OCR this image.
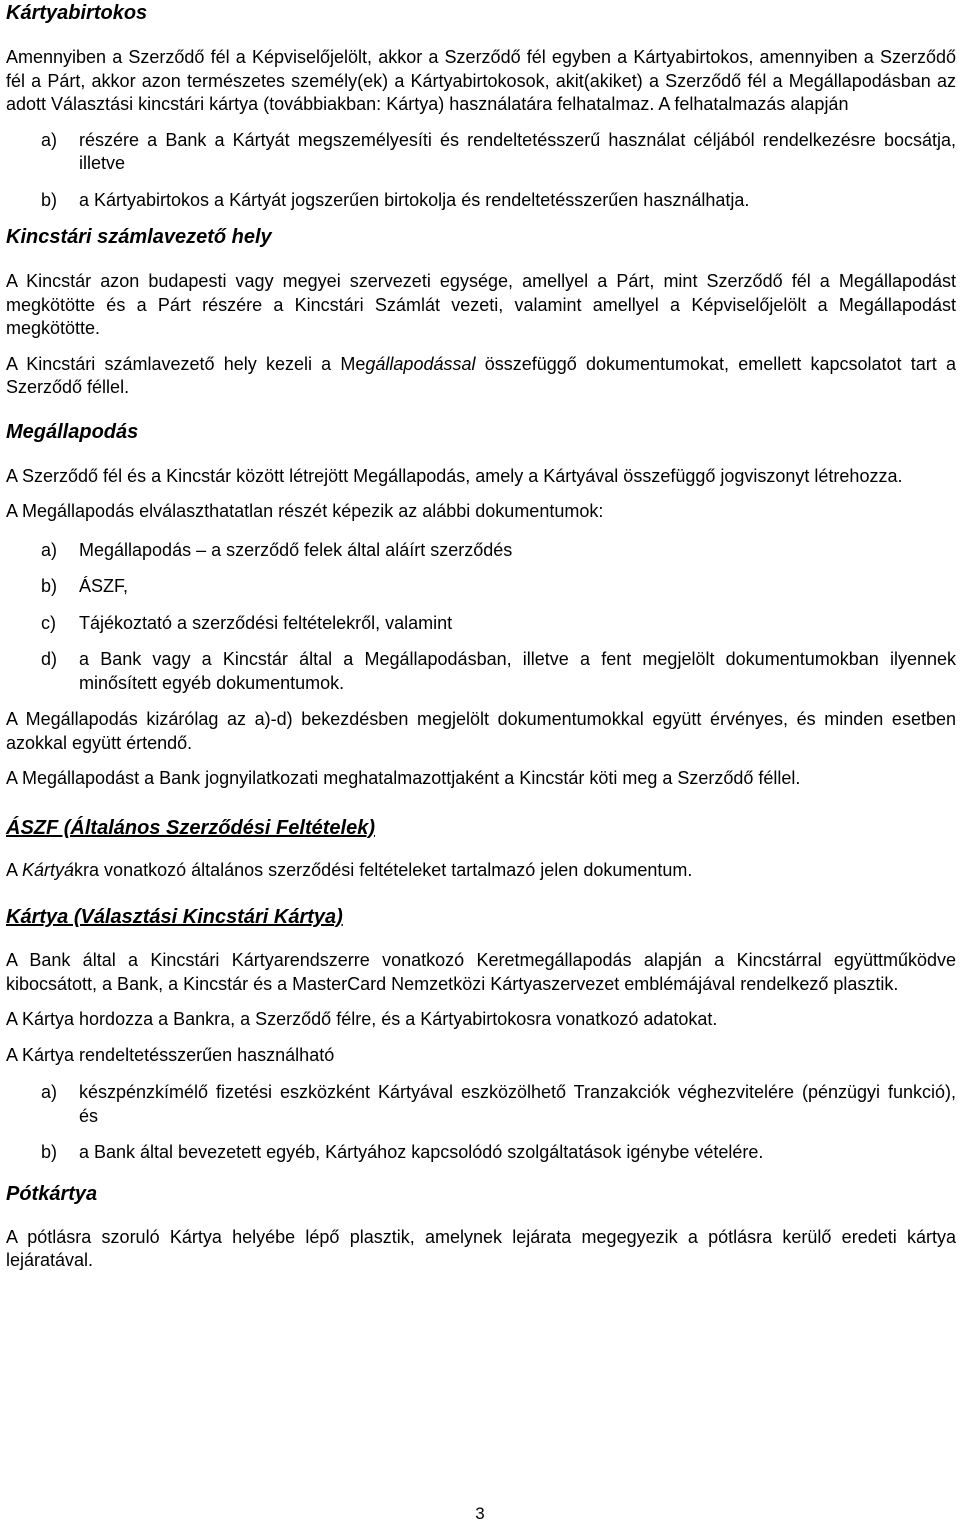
Kártyabirtokos

Amennyiben a Szerződő fél a Képviselőjelölt, akkor a Szerződő fél egyben a Kártyabirtokos, amennyiben a Szerződő fél a Párt, akkor azon természetes személy(ek) a Kártyabirtokosok, akit(akiket) a Szerződő fél a Megállapodásban az adott Választási kincstári kártya (továbbiakban: Kártya) használatára felhatalmaz. A felhatalmazás alapján

a) részére a Bank a Kártyát megszemélyesíti és rendeltetésszerű használat céljából rendelkezésre bocsátja, illetve
b) a Kártyabirtokos a Kártyát jogszerűen birtokolja és rendeltetésszerűen használhatja.
Kincstári számlavezető hely

A Kincstár azon budapesti vagy megyei szervezeti egysége, amellyel a Párt, mint Szerződő fél a Megállapodást megkötötte és a Párt részére a Kincstári Számlát vezeti, valamint amellyel a Képviselőjelölt a Megállapodást megkötötte.

A Kincstári számlavezető hely kezeli a Megállapodással összefüggő dokumentumokat, emellett kapcsolatot tart a Szerződő féllel.

Megállapodás

A Szerződő fél és a Kincstár között létrejött Megállapodás, amely a Kártyával összefüggő jogviszonyt létrehozza.

A Megállapodás elválaszthatatlan részét képezik az alábbi dokumentumok:

a) Megállapodás – a szerződő felek által aláírt szerződés
b) ÁSZF,
c) Tájékoztató a szerződési feltételekről, valamint
d) a Bank vagy a Kincstár által a Megállapodásban, illetve a fent megjelölt dokumentumokban ilyennek minősített egyéb dokumentumok.

A Megállapodás kizárólag az a)-d) bekezdésben megjelölt dokumentumokkal együtt érvényes, és minden esetben azokkal együtt értendő.

A Megállapodást a Bank jognyilatkozati meghatalmazottjaként a Kincstár köti meg a Szerződő féllel.

ÁSZF (Általános Szerződési Feltételek)

A Kártyákra vonatkozó általános szerződési feltételeket tartalmazó jelen dokumentum.

Kártya (Választási Kincstári Kártya)

A Bank által a Kincstári Kártyarendszerre vonatkozó Keretmegállapodás alapján a Kincstárral együttműködve kibocsátott, a Bank, a Kincstár és a MasterCard Nemzetközi Kártyaszervezet emblémájával rendelkező plasztik.

A Kártya hordozza a Bankra, a Szerződő félre, és a Kártyabirtokosra vonatkozó adatokat.

A Kártya rendeltetésszerűen használható

a) készpénzkímélő fizetési eszközként Kártyával eszközölhető Tranzakciók véghezvitelére (pénzügyi funkció), és
b) a Bank által bevezetett egyéb, Kártyához kapcsolódó szolgáltatások igénybe vételére.
Pótkártya

A pótlásra szoruló Kártya helyébe lépő plasztik, amelynek lejárata megegyezik a pótlásra kerülő eredeti kártya lejáratával.

3
